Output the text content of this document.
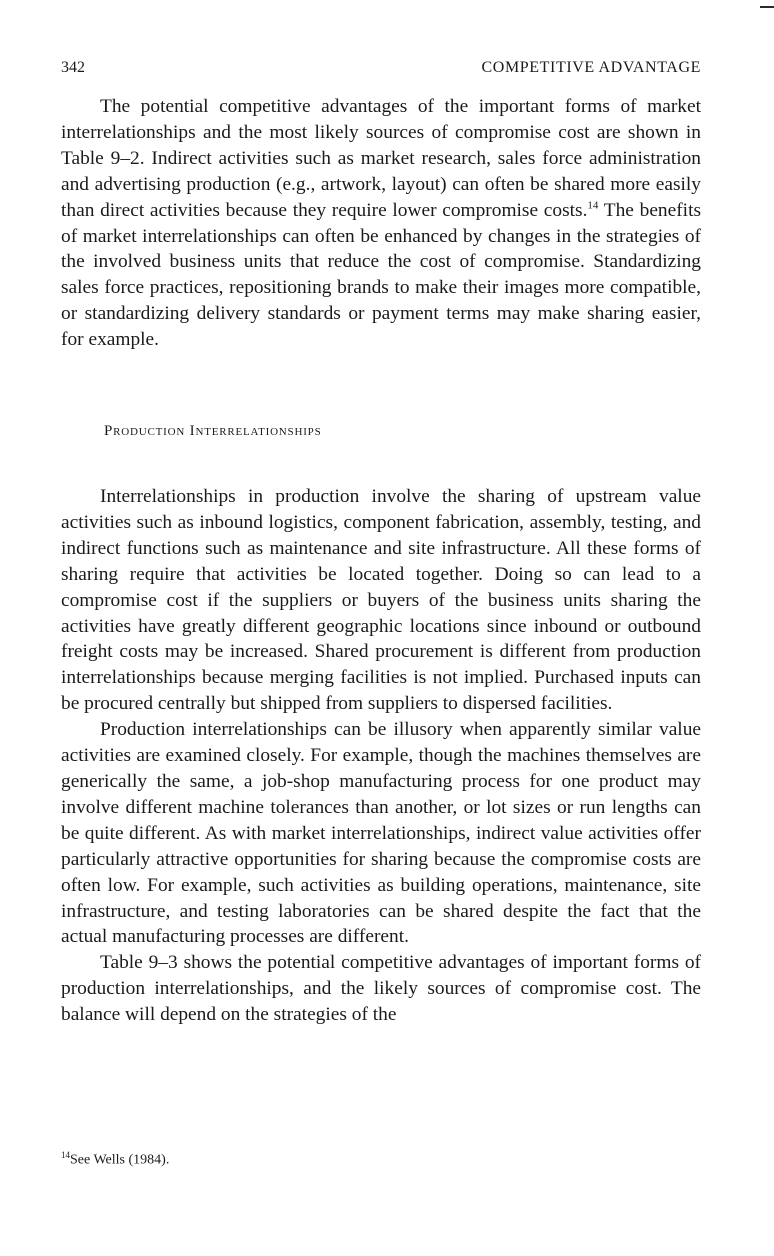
342	COMPETITIVE ADVANTAGE

The potential competitive advantages of the important forms of market interrelationships and the most likely sources of compromise cost are shown in Table 9–2. Indirect activities such as market research, sales force administration and advertising production (e.g., artwork, layout) can often be shared more easily than direct activities because they require lower compromise costs.$^{14}$ The benefits of market interrelationships can often be enhanced by changes in the strategies of the involved business units that reduce the cost of compromise. Standardizing sales force practices, repositioning brands to make their images more compatible, or standardizing delivery standards or payment terms may make sharing easier, for example.

Production Interrelationships

Interrelationships in production involve the sharing of upstream value activities such as inbound logistics, component fabrication, assembly, testing, and indirect functions such as maintenance and site infrastructure. All these forms of sharing require that activities be located together. Doing so can lead to a compromise cost if the suppliers or buyers of the business units sharing the activities have greatly different geographic locations since inbound or outbound freight costs may be increased. Shared procurement is different from production interrelationships because merging facilities is not implied. Purchased inputs can be procured centrally but shipped from suppliers to dispersed facilities.

Production interrelationships can be illusory when apparently similar value activities are examined closely. For example, though the machines themselves are generically the same, a job-shop manufacturing process for one product may involve different machine tolerances than another, or lot sizes or run lengths can be quite different. As with market interrelationships, indirect value activities offer particularly attractive opportunities for sharing because the compromise costs are often low. For example, such activities as building operations, maintenance, site infrastructure, and testing laboratories can be shared despite the fact that the actual manufacturing processes are different.

Table 9–3 shows the potential competitive advantages of important forms of production interrelationships, and the likely sources of compromise cost. The balance will depend on the strategies of the

$^{14}$See Wells (1984).
